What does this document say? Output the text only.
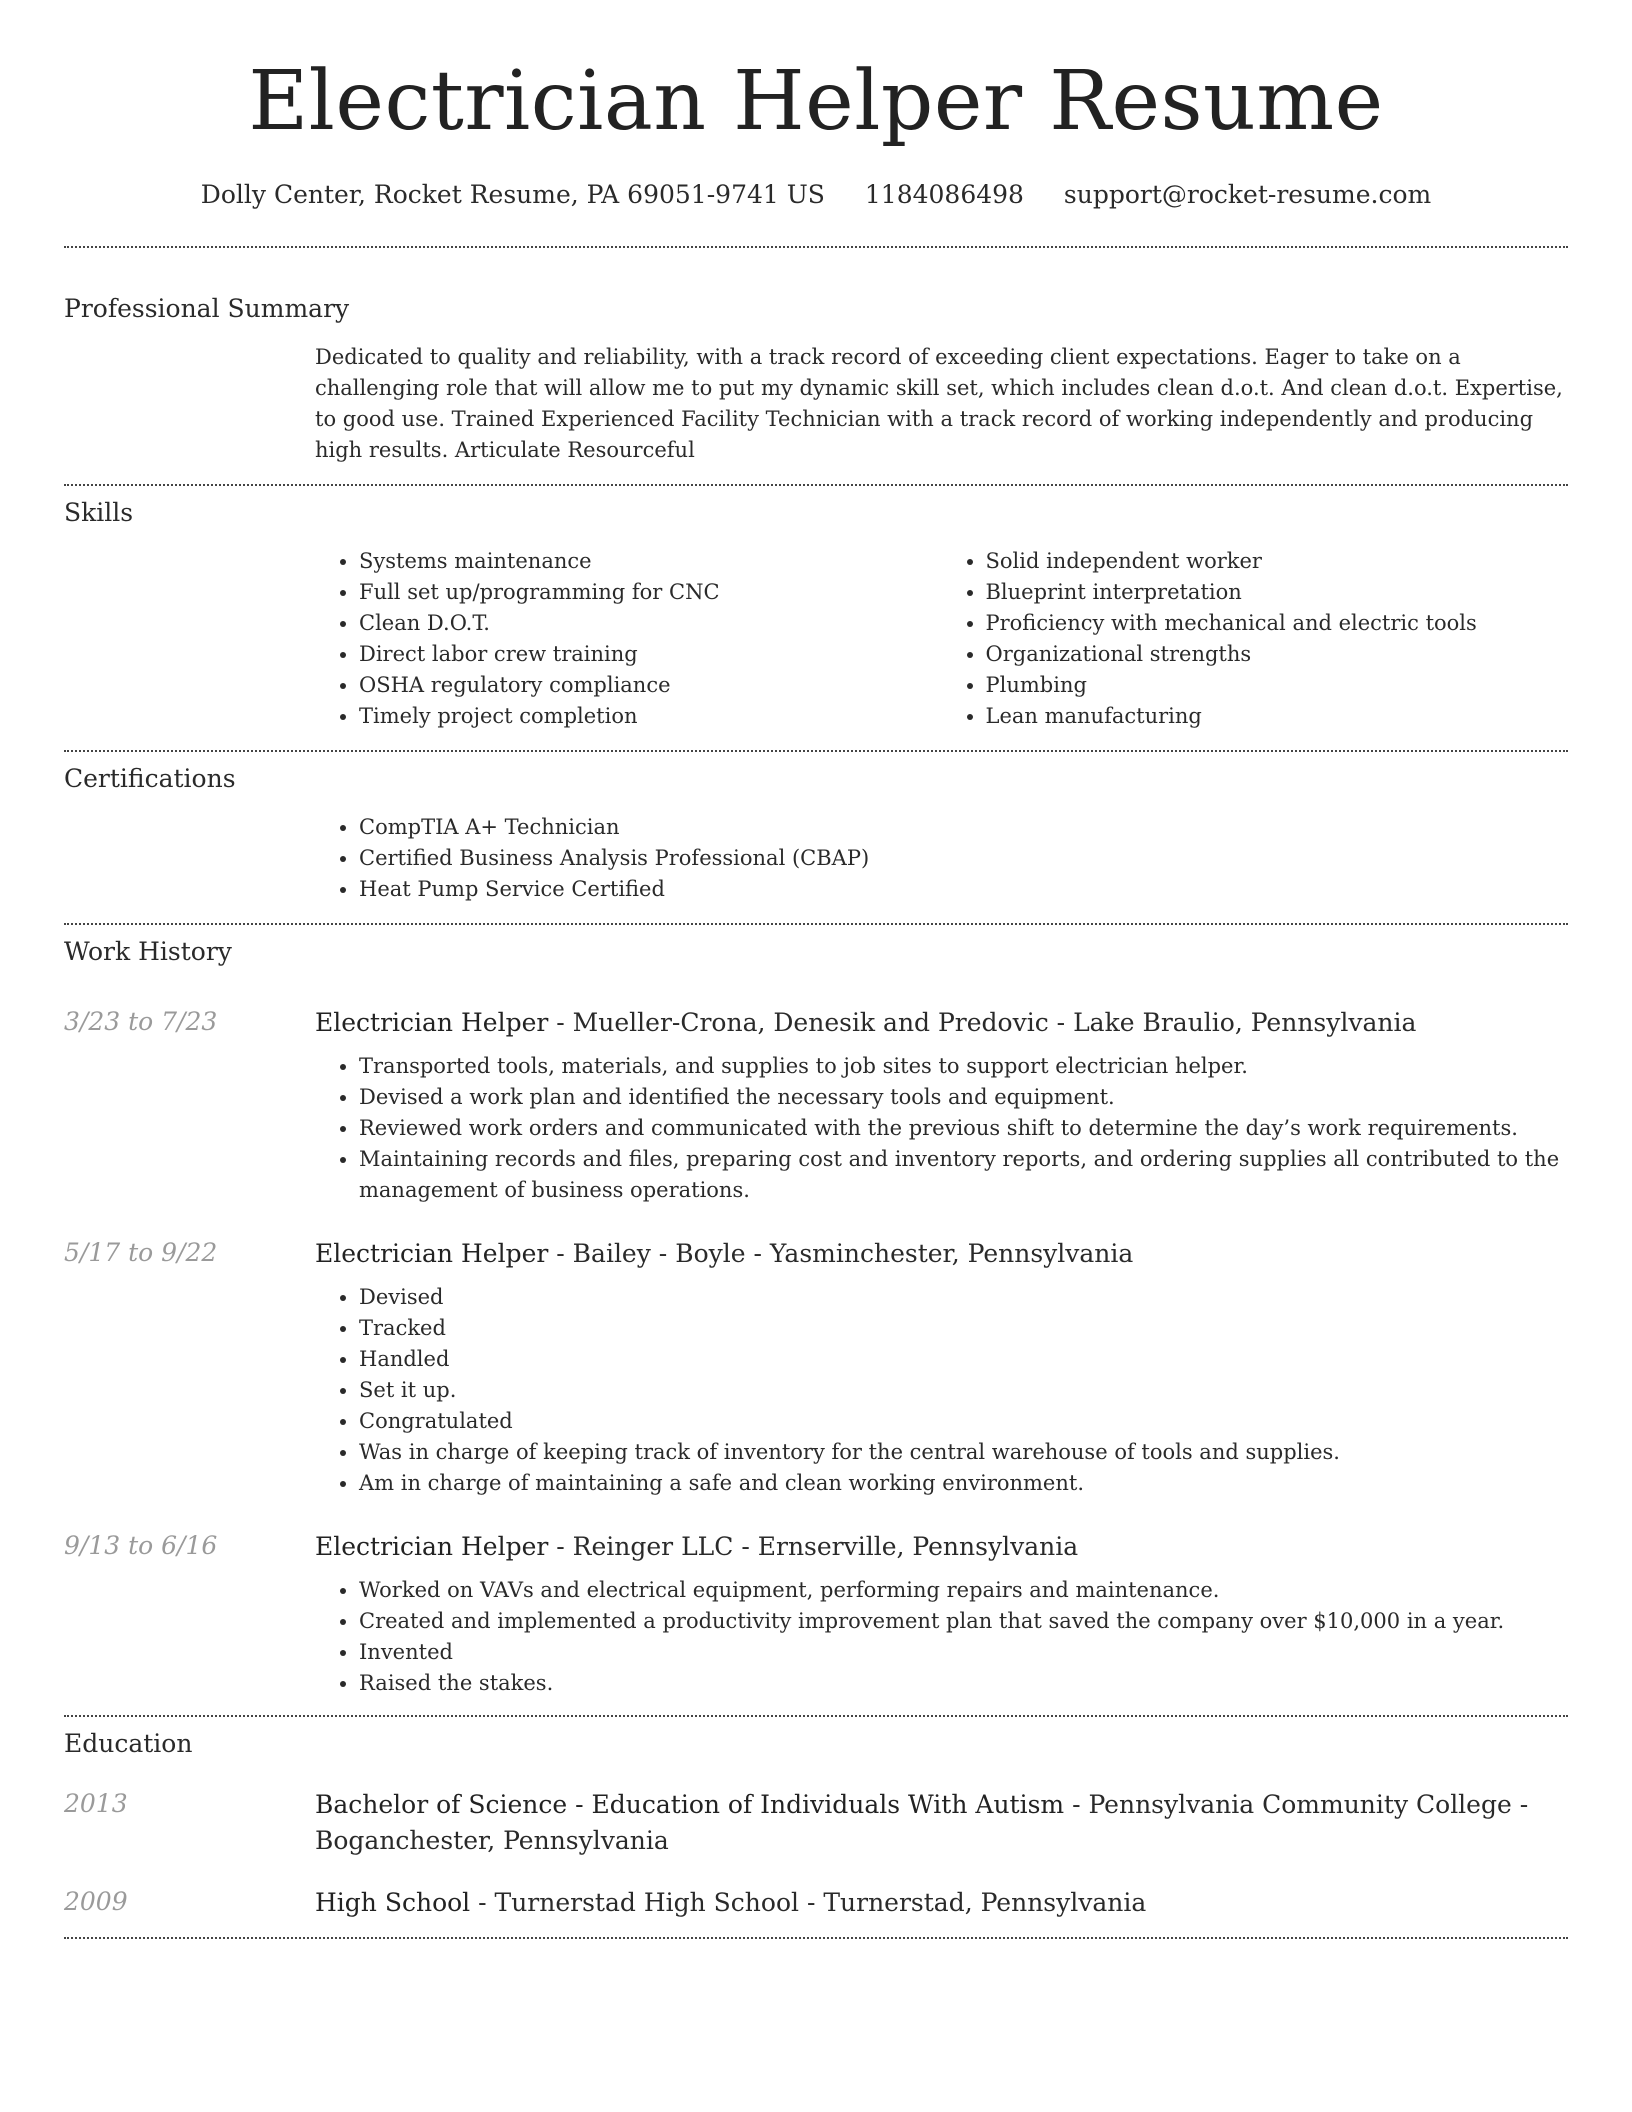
Electrician Helper Resume
Dolly Center, Rocket Resume, PA 69051-9741 US 1184086498 support@rocket-resume.com
Professional Summary
Dedicated to quality and reliability, with a track record of exceeding client expectations. Eager to take on a challenging role that will allow me to put my dynamic skill set, which includes clean d.o.t. And clean d.o.t. Expertise, to good use. Trained Experienced Facility Technician with a track record of working independently and producing high results. Articulate Resourceful
Skills
• Systems maintenance
• Full set up/programming for CNC
• Clean D.O.T.
• Direct labor crew training
• OSHA regulatory compliance
• Timely project completion
• Solid independent worker
• Blueprint interpretation
• Proficiency with mechanical and electric tools
• Organizational strengths
• Plumbing
• Lean manufacturing
Certifications
• CompTIA A+ Technician
• Certified Business Analysis Professional (CBAP)
• Heat Pump Service Certified
Work History
3/23 to 7/23	Electrician Helper - Mueller-Crona, Denesik and Predovic - Lake Braulio, Pennsylvania
• Transported tools, materials, and supplies to job sites to support electrician helper.
• Devised a work plan and identified the necessary tools and equipment.
• Reviewed work orders and communicated with the previous shift to determine the day’s work requirements.
• Maintaining records and files, preparing cost and inventory reports, and ordering supplies all contributed to the management of business operations.
5/17 to 9/22	Electrician Helper - Bailey - Boyle - Yasminchester, Pennsylvania
• Devised
• Tracked
• Handled
• Set it up.
• Congratulated
• Was in charge of keeping track of inventory for the central warehouse of tools and supplies.
• Am in charge of maintaining a safe and clean working environment.
9/13 to 6/16	Electrician Helper - Reinger LLC - Ernserville, Pennsylvania
• Worked on VAVs and electrical equipment, performing repairs and maintenance.
• Created and implemented a productivity improvement plan that saved the company over $10,000 in a year.
• Invented
• Raised the stakes.
Education
2013	Bachelor of Science - Education of Individuals With Autism - Pennsylvania Community College - Boganchester, Pennsylvania
2009	High School - Turnerstad High School - Turnerstad, Pennsylvania
